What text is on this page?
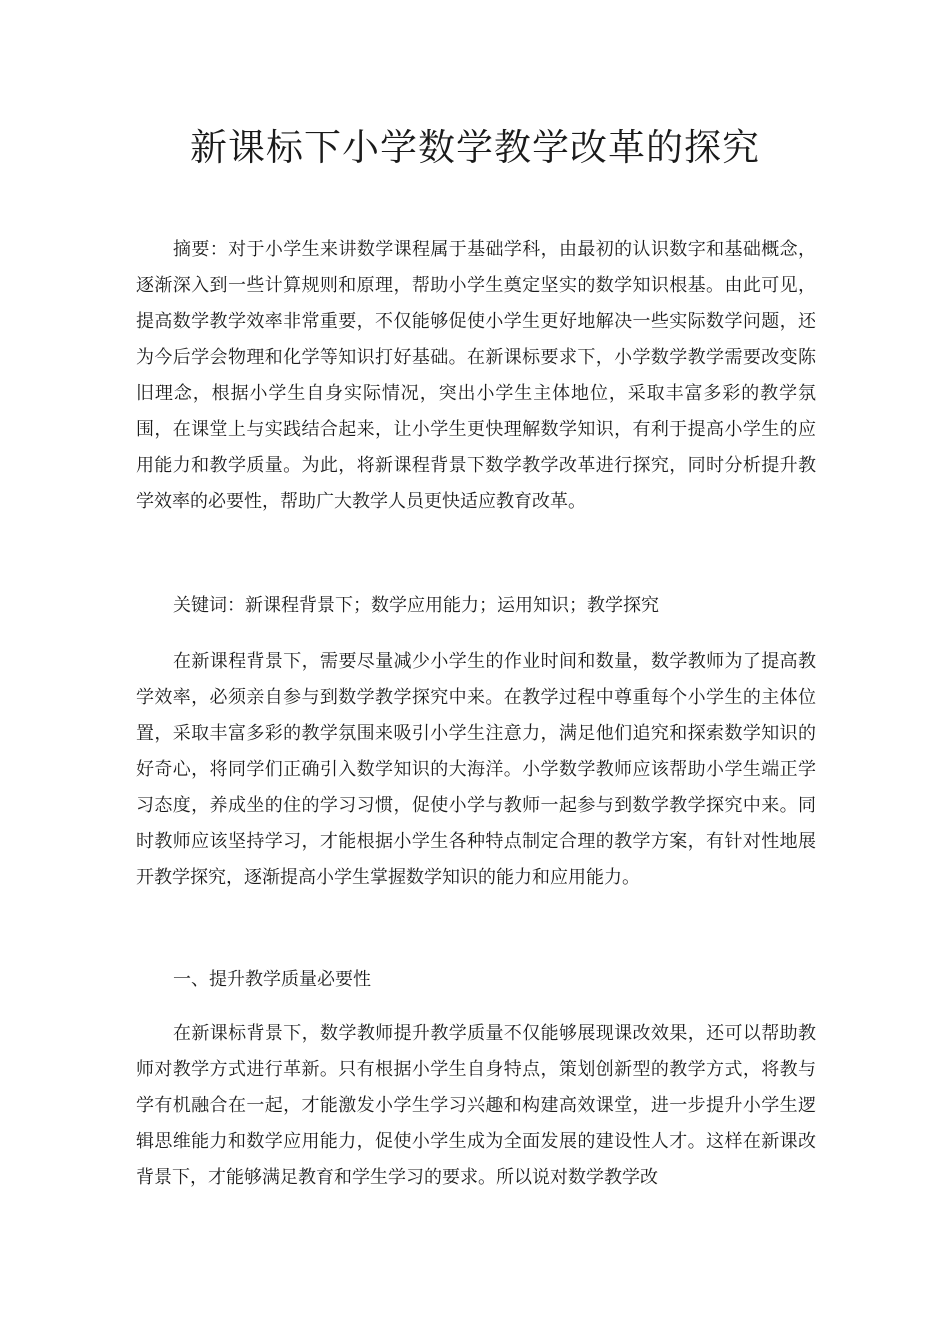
新课标下小学数学教学改革的探究

摘要：对于小学生来讲数学课程属于基础学科，由最初的认识数字和基础概念，逐渐深入到一些计算规则和原理，帮助小学生奠定坚实的数学知识根基。由此可见，提高数学教学效率非常重要，不仅能够促使小学生更好地解决一些实际数学问题，还为今后学会物理和化学等知识打好基础。在新课标要求下，小学数学教学需要改变陈旧理念，根据小学生自身实际情况，突出小学生主体地位，采取丰富多彩的教学氛围，在课堂上与实践结合起来，让小学生更快理解数学知识，有利于提高小学生的应用能力和教学质量。为此，将新课程背景下数学教学改革进行探究，同时分析提升教学效率的必要性，帮助广大教学人员更快适应教育改革。

关键词：新课程背景下；数学应用能力；运用知识；教学探究

在新课程背景下，需要尽量减少小学生的作业时间和数量，数学教师为了提高教学效率，必须亲自参与到数学教学探究中来。在教学过程中尊重每个小学生的主体位置，采取丰富多彩的教学氛围来吸引小学生注意力，满足他们追究和探索数学知识的好奇心，将同学们正确引入数学知识的大海洋。小学数学教师应该帮助小学生端正学习态度，养成坐的住的学习习惯，促使小学与教师一起参与到数学教学探究中来。同时教师应该坚持学习，才能根据小学生各种特点制定合理的教学方案，有针对性地展开教学探究，逐渐提高小学生掌握数学知识的能力和应用能力。

一、提升教学质量必要性

在新课标背景下，数学教师提升教学质量不仅能够展现课改效果，还可以帮助教师对教学方式进行革新。只有根据小学生自身特点，策划创新型的教学方式，将教与学有机融合在一起，才能激发小学生学习兴趣和构建高效课堂，进一步提升小学生逻辑思维能力和数学应用能力，促使小学生成为全面发展的建设性人才。这样在新课改背景下，才能够满足教育和学生学习的要求。所以说对数学教学改
